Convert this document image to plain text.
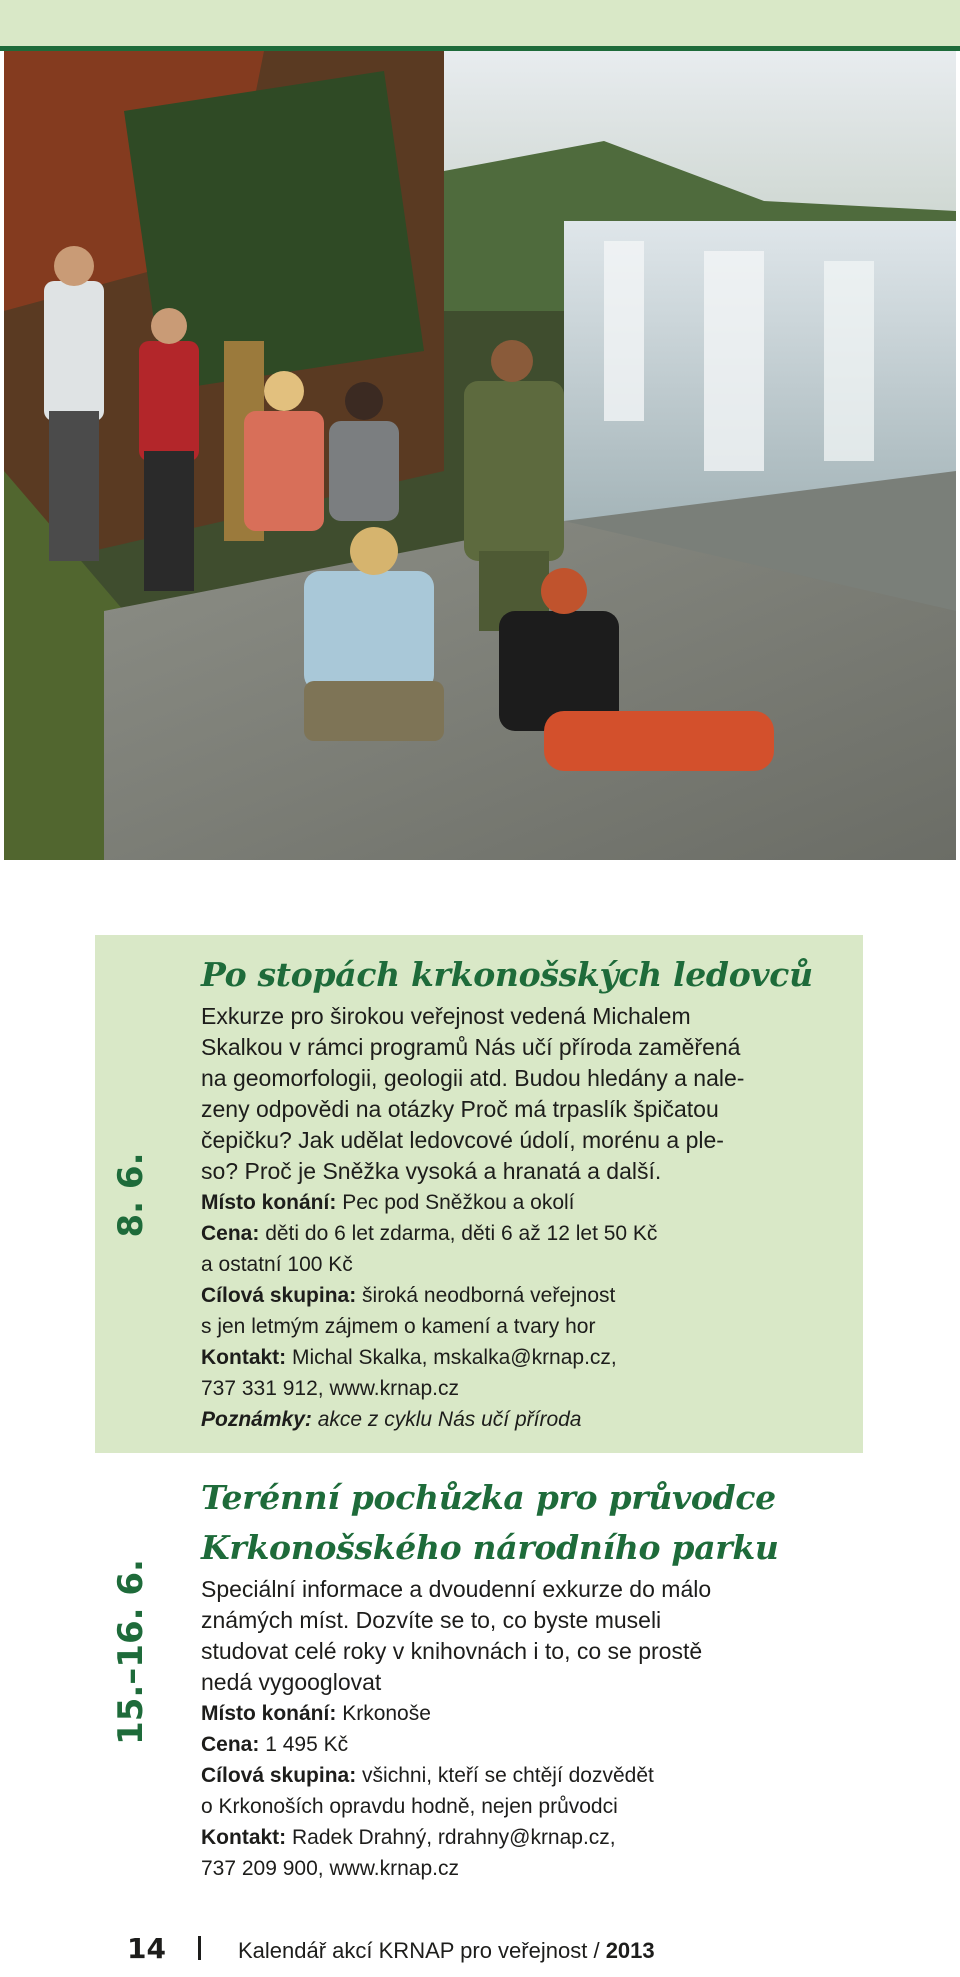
8. 6.
Po stopách krkonošských ledovců

Exkurze pro širokou veřejnost vedená Michalem

Skalkou v rámci programů Nás učí příroda zaměřená

na geomorfologii, geologii atd. Budou hledány a nale-

zeny odpovědi na otázky Proč má trpaslík špičatou

čepičku? Jak udělat ledovcové údolí, morénu a ple-

so? Proč je Sněžka vysoká a hranatá a další.

Místo konání: Pec pod Sněžkou a okolí

Cena: děti do 6 let zdarma, děti 6 až 12 let 50 Kč

a ostatní 100 Kč

Cílová skupina: široká neodborná veřejnost

s jen letmým zájmem o kamení a tvary hor

Kontakt: Michal Skalka, mskalka@krnap.cz,

737 331 912, www.krnap.cz

Poznámky: akce z cyklu Nás učí příroda

15.–16. 6.
Terénní pochůzka pro průvodce
Krkonošského národního parku

Speciální informace a dvoudenní exkurze do málo

známých míst. Dozvíte se to, co byste museli

studovat celé roky v knihovnách i to, co se prostě

nedá vygooglovat

Místo konání: Krkonoše

Cena: 1 495 Kč

Cílová skupina: všichni, kteří se chtějí dozvědět

o Krkonoších opravdu hodně, nejen průvodci

Kontakt: Radek Drahný, rdrahny@krnap.cz,

737 209 900, www.krnap.cz

14	Kalendář akcí KRNAP pro veřejnost / 2013
